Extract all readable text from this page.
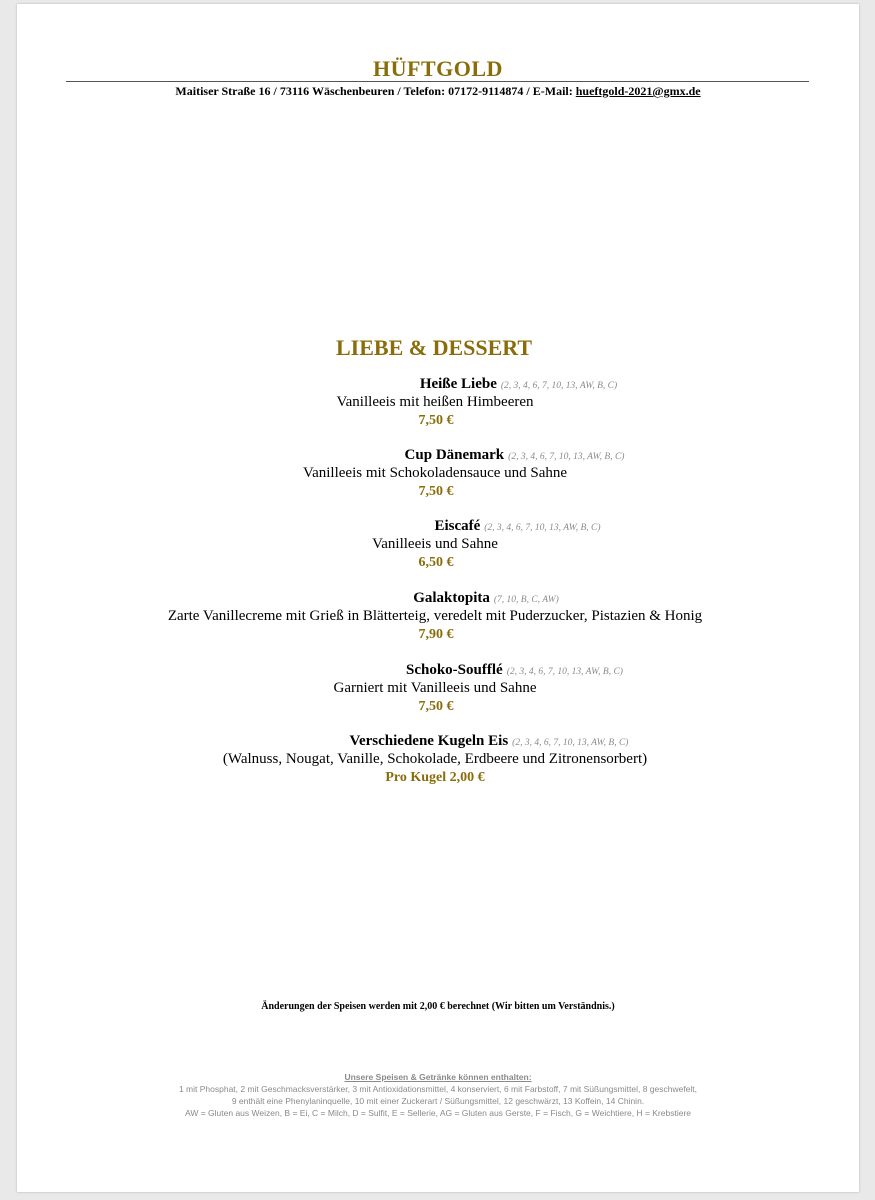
HÜFTGOLD
Maitiser Straße 16 / 73116 Wäschenbeuren / Telefon: 07172-9114874 / E-Mail: hueftgold-2021@gmx.de
LIEBE & DESSERT
Heiße Liebe (2, 3, 4, 6, 7, 10, 13, AW, B, C)
Vanilleeis mit heißen Himbeeren
7,50 €
Cup Dänemark (2, 3, 4, 6, 7, 10, 13, AW, B, C)
Vanilleeis mit Schokoladensauce und Sahne
7,50 €
Eiscafé (2, 3, 4, 6, 7, 10, 13, AW, B, C)
Vanilleeis und Sahne
6,50 €
Galaktopita (7, 10, B, C, AW)
Zarte Vanillecreme mit Grieß in Blätterteig, veredelt mit Puderzucker, Pistazien & Honig
7,90 €
Schoko-Soufflé (2, 3, 4, 6, 7, 10, 13, AW, B, C)
Garniert mit Vanilleeis und Sahne
7,50 €
Verschiedene Kugeln Eis (2, 3, 4, 6, 7, 10, 13, AW, B, C)
(Walnuss, Nougat, Vanille, Schokolade, Erdbeere und Zitronensorbert)
Pro Kugel 2,00 €
Änderungen der Speisen werden mit 2,00 € berechnet (Wir bitten um Verständnis.)
Unsere Speisen & Getränke können enthalten:
1 mit Phosphat, 2 mit Geschmacksverstärker, 3 mit Antioxidationsmittel, 4 konserviert, 6 mit Farbstoff, 7 mit Süßungsmittel, 8 geschwefelt,
9 enthält eine Phenylaninquelle, 10 mit einer Zuckerart / Süßungsmittel, 12 geschwärzt, 13 Koffein, 14 Chinin.
AW = Gluten aus Weizen, B = Ei, C = Milch, D = Sulfit, E = Sellerie, AG = Gluten aus Gerste, F = Fisch, G = Weichtiere, H = Krebstiere
